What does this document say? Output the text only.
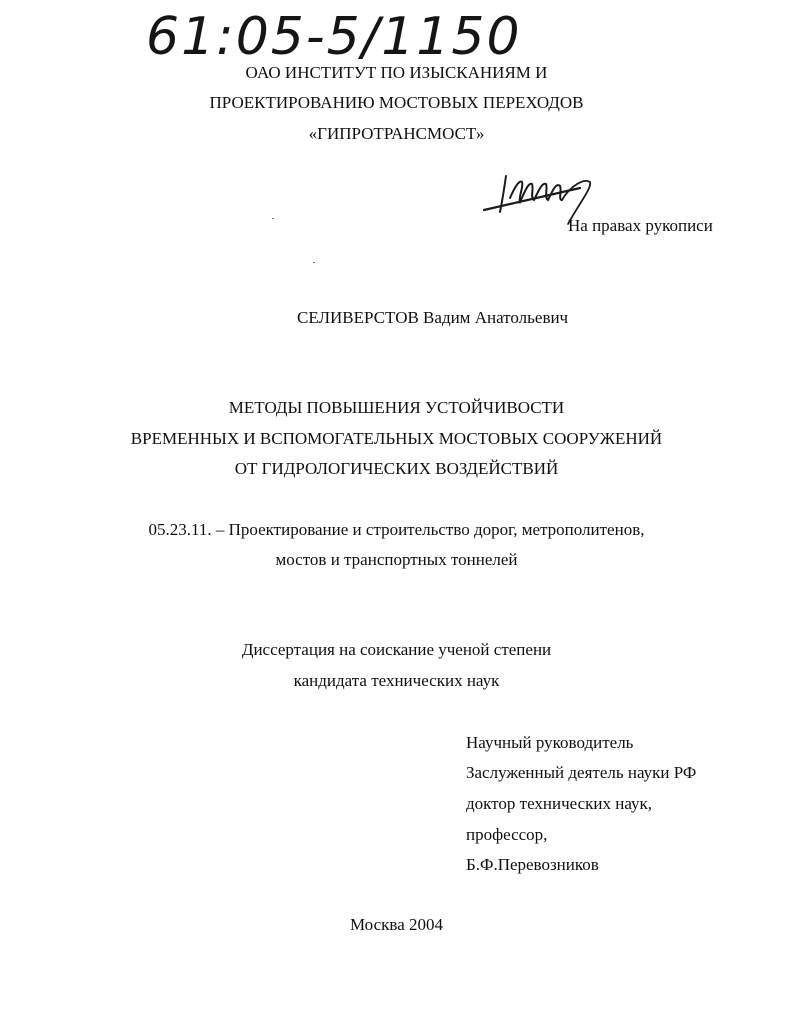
61:05-5/1150
ОАО ИНСТИТУТ ПО ИЗЫСКАНИЯМ И
ПРОЕКТИРОВАНИЮ МОСТОВЫХ ПЕРЕХОДОВ
«ГИПРОТРАНСМОСТ»
На правах рукописи
СЕЛИВЕРСТОВ Вадим Анатольевич
МЕТОДЫ ПОВЫШЕНИЯ УСТОЙЧИВОСТИ
ВРЕМЕННЫХ И ВСПОМОГАТЕЛЬНЫХ МОСТОВЫХ СООРУЖЕНИЙ
ОТ ГИДРОЛОГИЧЕСКИХ ВОЗДЕЙСТВИЙ
05.23.11. – Проектирование и строительство дорог, метрополитенов,
мостов и транспортных тоннелей
Диссертация на соискание ученой степени
кандидата технических наук
Научный руководитель
Заслуженный деятель науки РФ
доктор технических наук,
профессор,
Б.Ф.Перевозников
Москва 2004
